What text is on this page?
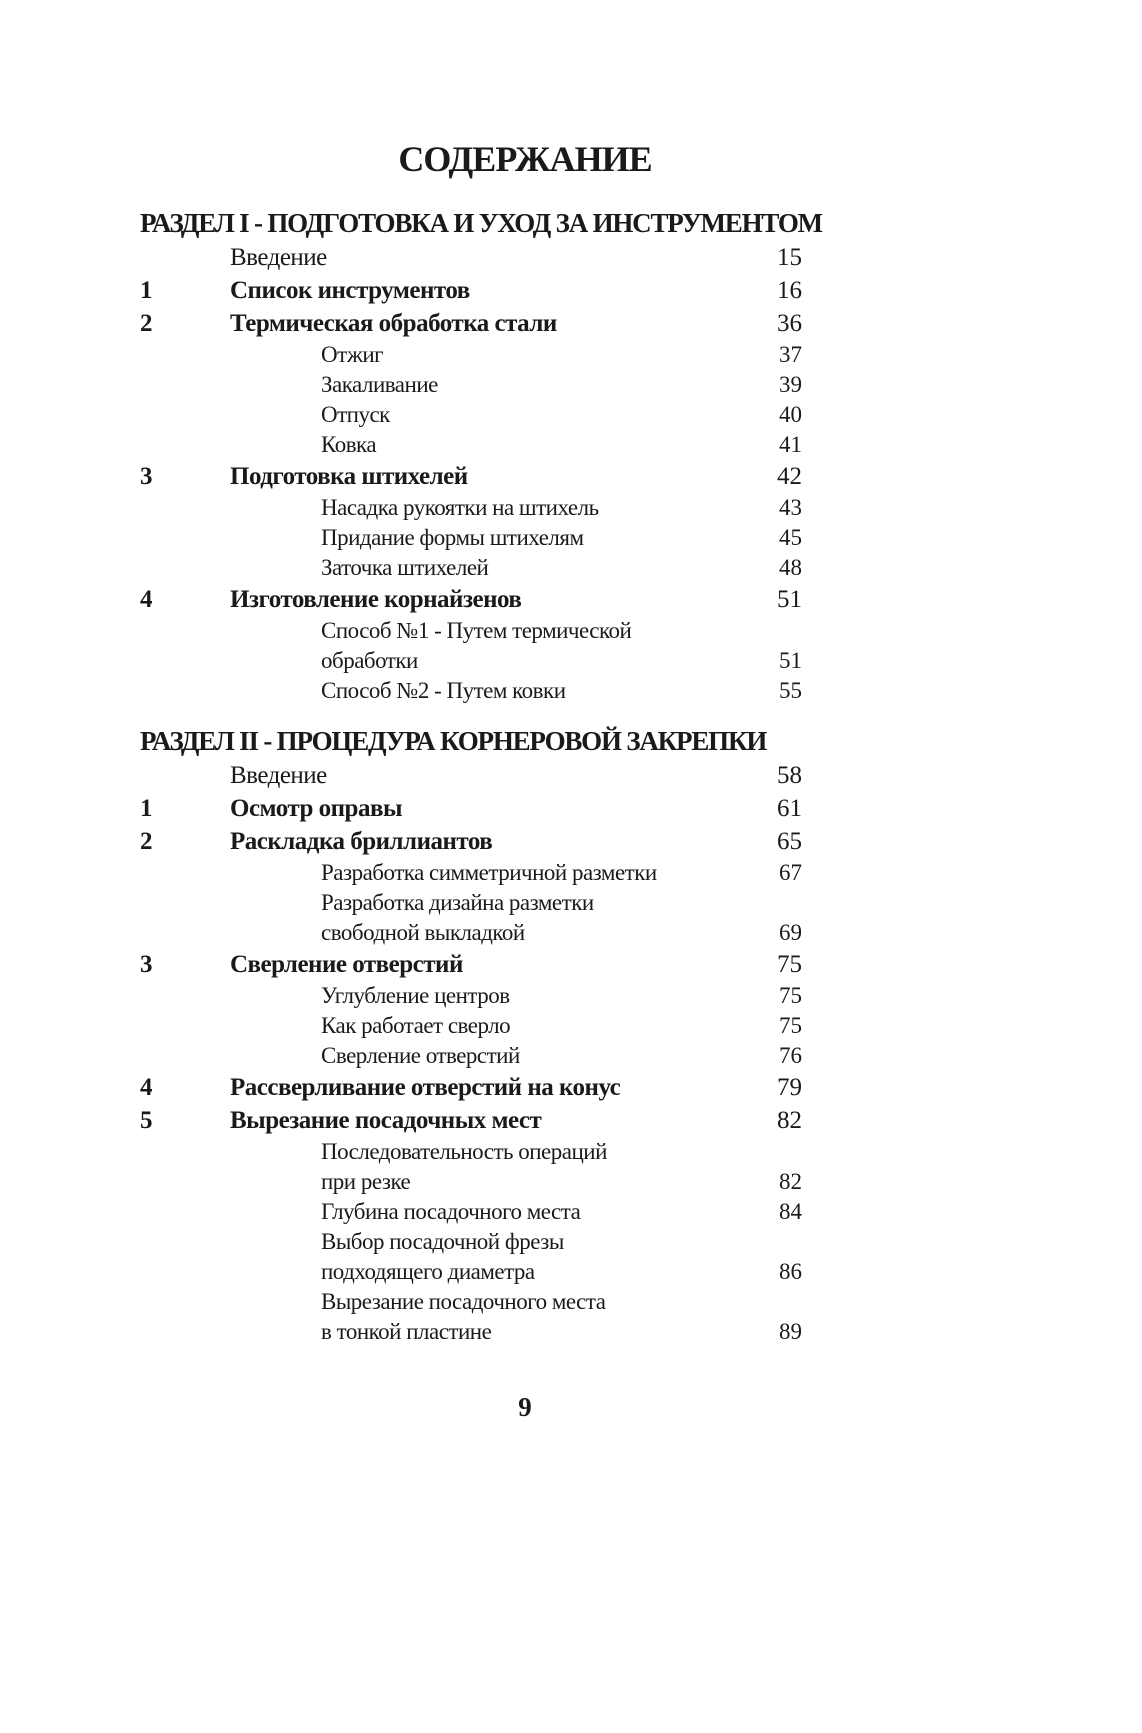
СОДЕРЖАНИЕ
РАЗДЕЛ I - ПОДГОТОВКА И УХОД ЗА ИНСТРУМЕНТОМ
Введение	15
1	Список инструментов	16
2	Термическая обработка стали	36
Отжиг	37
Закаливание	39
Отпуск	40
Ковка	41
3	Подготовка штихелей	42
Насадка рукоятки на штихель	43
Придание формы штихелям	45
Заточка штихелей	48
4	Изготовление корнайзенов	51
Способ №1 - Путем термической
обработки	51
Способ №2 - Путем ковки	55
РАЗДЕЛ II - ПРОЦЕДУРА КОРНЕРОВОЙ ЗАКРЕПКИ
Введение	58
1	Осмотр оправы	61
2	Раскладка бриллиантов	65
Разработка симметричной разметки	67
Разработка дизайна разметки
свободной выкладкой	69
3	Сверление отверстий	75
Углубление центров	75
Как работает сверло	75
Сверление отверстий	76
4	Рассверливание отверстий на конус	79
5	Вырезание посадочных мест	82
Последовательность операций
при резке	82
Глубина посадочного места	84
Выбор посадочной фрезы
подходящего диаметра	86
Вырезание посадочного места
в тонкой пластине	89
9
